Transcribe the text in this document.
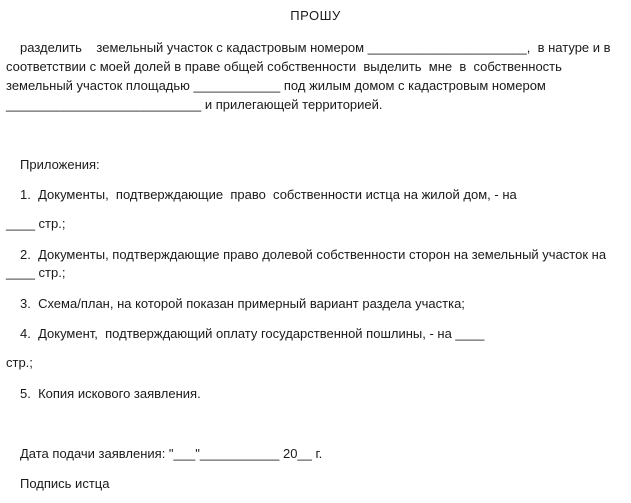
ПРОШУ
разделить    земельный участок с кадастровым номером ______________________,  в натуре и в
соответствии с моей долей в праве общей собственности  выделить  мне  в  собственность
земельный участок площадью ____________ под жилым домом с кадастровым номером
___________________________ и прилегающей территорией.
Приложения:
1.  Документы,  подтверждающие  право  собственности истца на жилой дом, - на
____ стр.;
2.  Документы, подтверждающие право долевой собственности сторон на земельный участок на
____ стр.;
3.  Схема/план, на которой показан примерный вариант раздела участка;
4.  Документ,  подтверждающий оплату государственной пошлины, - на ____
стр.;
5.  Копия искового заявления.
Дата подачи заявления: "___"___________ 20__ г.
Подпись истца
